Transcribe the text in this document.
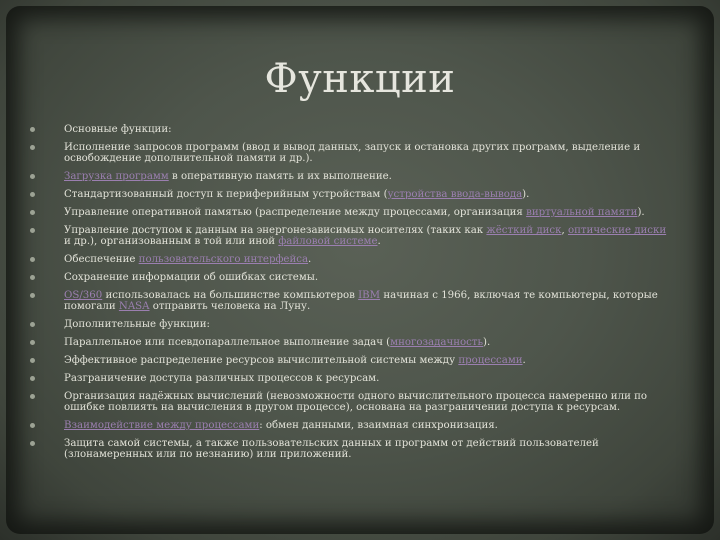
Функции
Основные функции:
Исполнение запросов программ (ввод и вывод данных, запуск и остановка других программ, выделение и освобождение дополнительной памяти и др.).
Загрузка программ в оперативную память и их выполнение.
Стандартизованный доступ к периферийным устройствам (устройства ввода-вывода).
Управление оперативной памятью (распределение между процессами, организация виртуальной памяти).
Управление доступом к данным на энергонезависимых носителях (таких как жёсткий диск, оптические диски и др.), организованным в той или иной файловой системе.
Обеспечение пользовательского интерфейса.
Сохранение информации об ошибках системы.
OS/360 использовалась на большинстве компьютеров IBM начиная с 1966, включая те компьютеры, которые помогали NASA отправить человека на Луну.
Дополнительные функции:
Параллельное или псевдопараллельное выполнение задач (многозадачность).
Эффективное распределение ресурсов вычислительной системы между процессами.
Разграничение доступа различных процессов к ресурсам.
Организация надёжных вычислений (невозможности одного вычислительного процесса намеренно или по ошибке повлиять на вычисления в другом процессе), основана на разграничении доступа к ресурсам.
Взаимодействие между процессами: обмен данными, взаимная синхронизация.
Защита самой системы, а также пользовательских данных и программ от действий пользователей (злонамеренных или по незнанию) или приложений.
